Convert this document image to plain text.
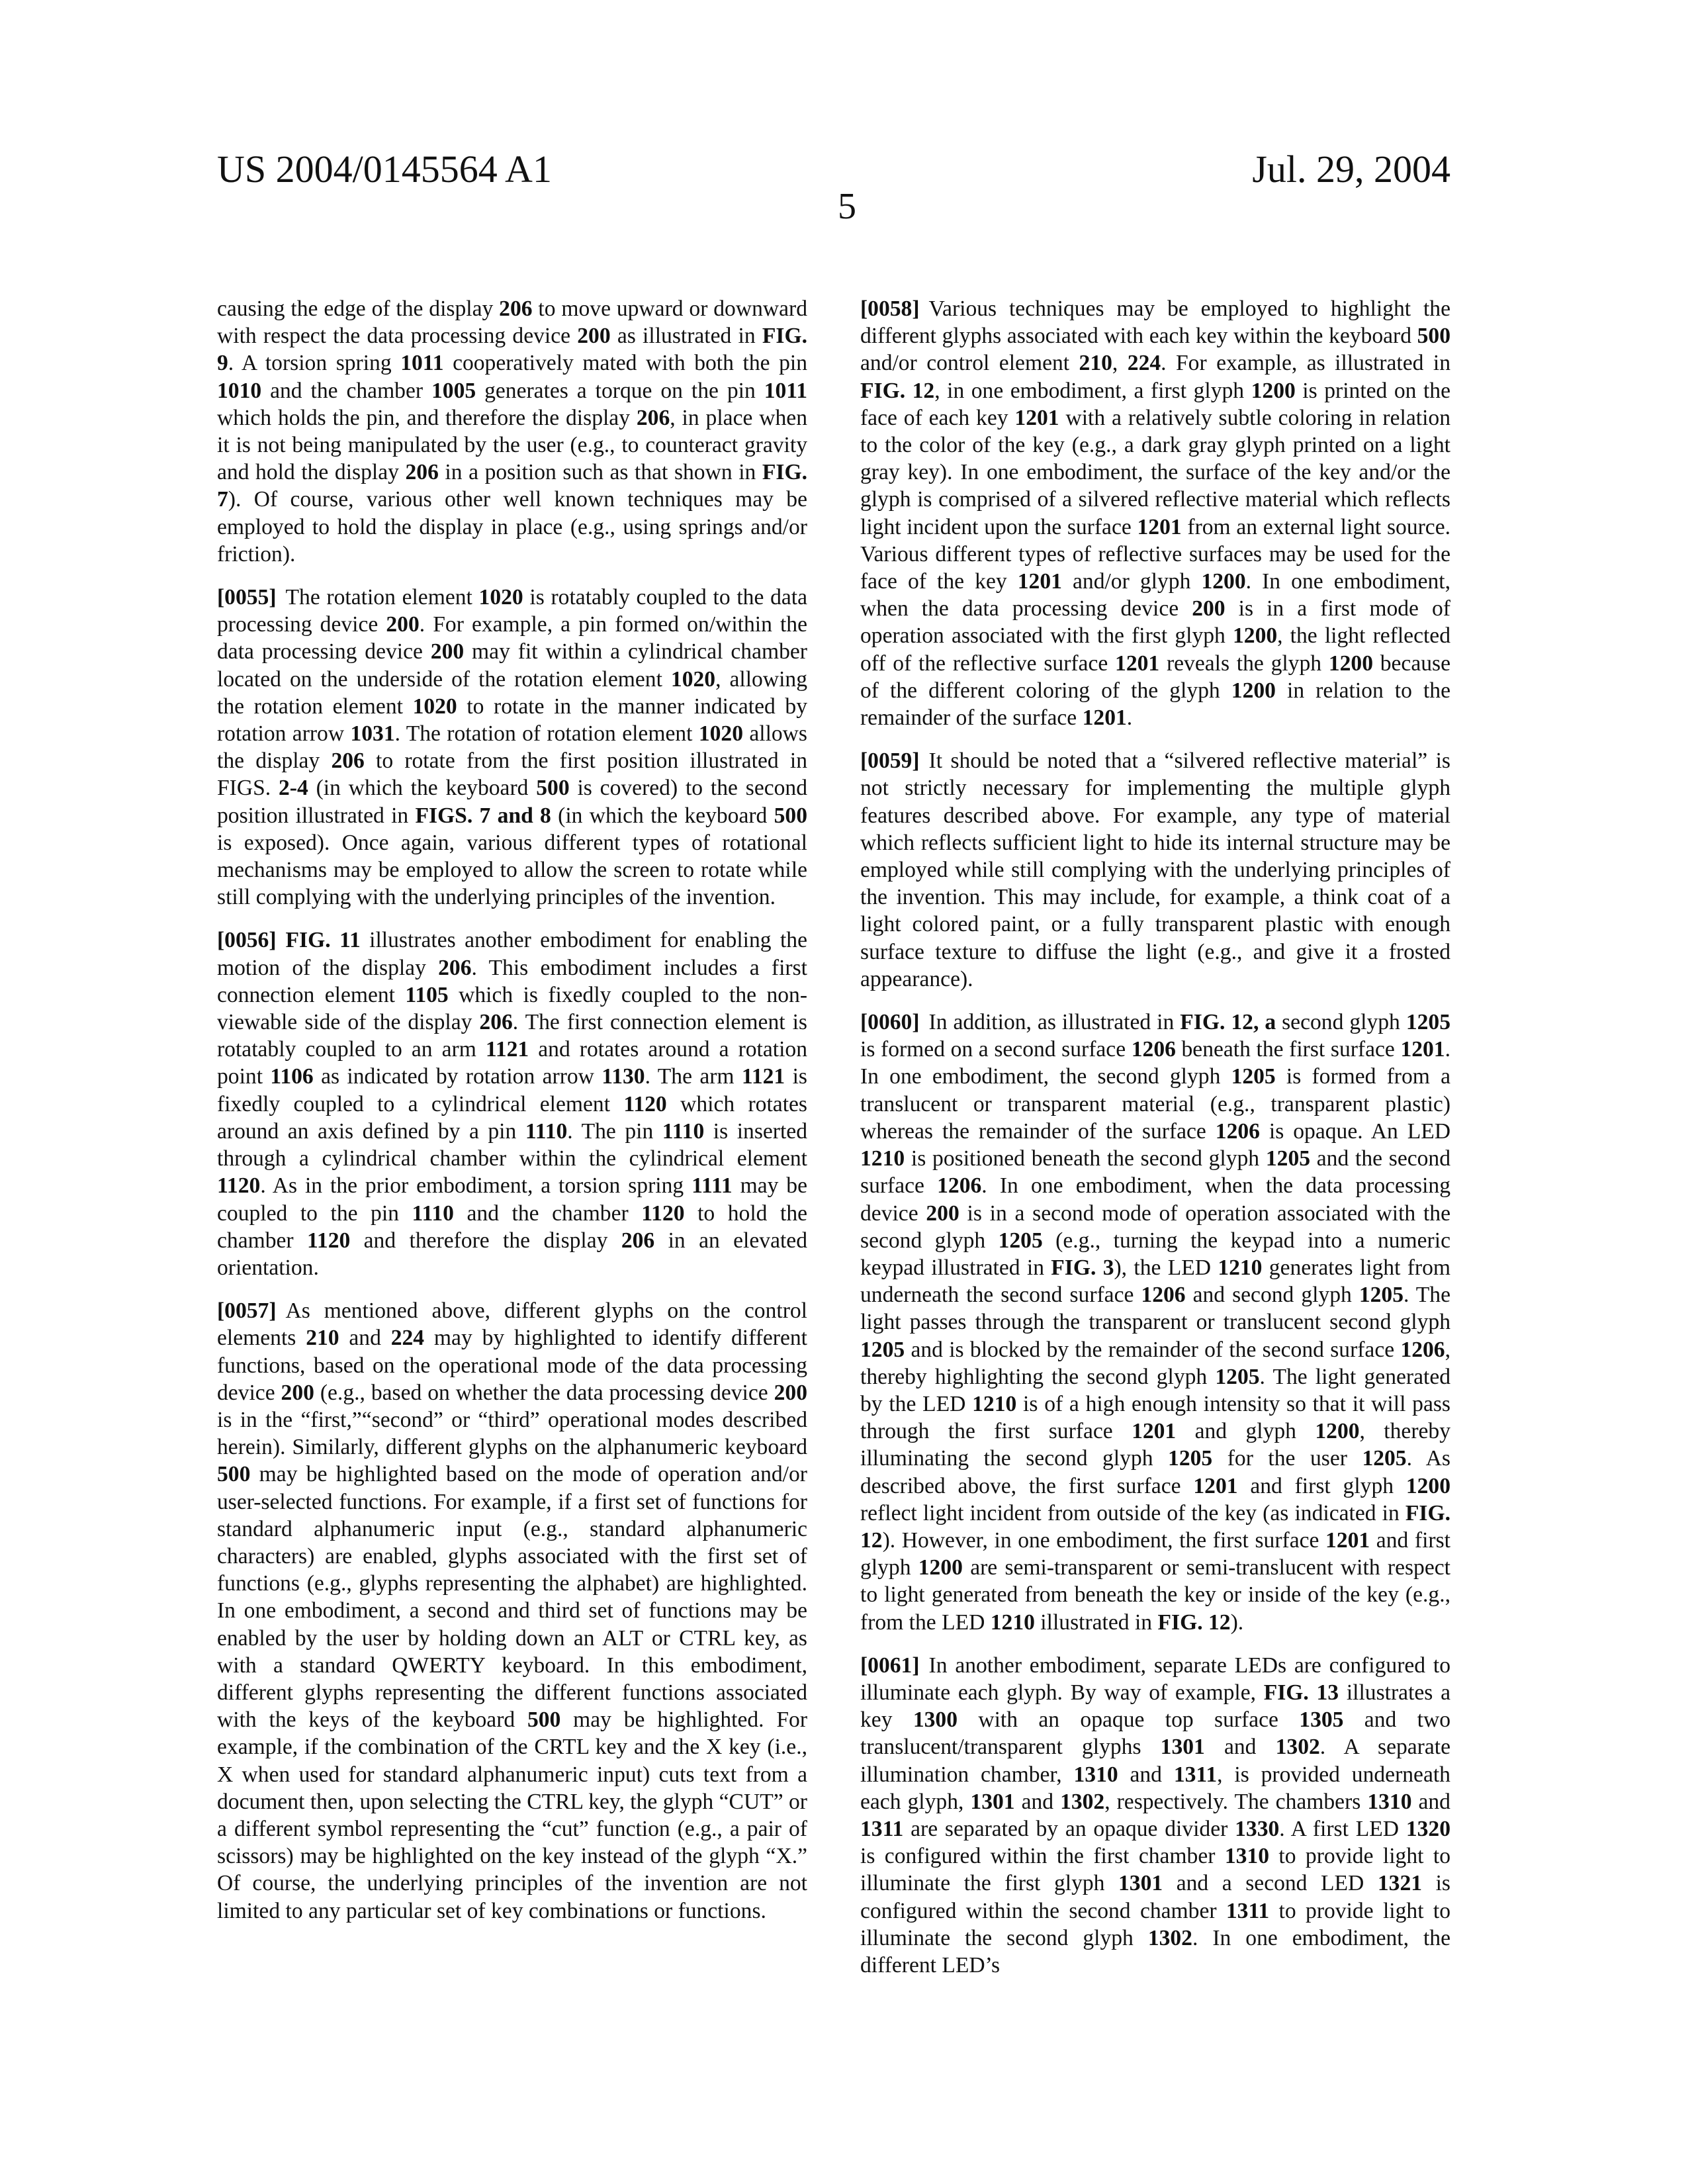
US 2004/0145564 A1	Jul. 29, 2004
5

causing the edge of the display 206 to move upward or downward with respect the data processing device 200 as illustrated in FIG. 9. A torsion spring 1011 cooperatively mated with both the pin 1010 and the chamber 1005 generates a torque on the pin 1011 which holds the pin, and therefore the display 206, in place when it is not being manipulated by the user (e.g., to counteract gravity and hold the display 206 in a position such as that shown in FIG. 7). Of course, various other well known techniques may be employed to hold the display in place (e.g., using springs and/or friction).

[0055] The rotation element 1020 is rotatably coupled to the data processing device 200. For example, a pin formed on/within the data processing device 200 may fit within a cylindrical chamber located on the underside of the rotation element 1020, allowing the rotation element 1020 to rotate in the manner indicated by rotation arrow 1031. The rotation of rotation element 1020 allows the display 206 to rotate from the first position illustrated in FIGS. 2-4 (in which the keyboard 500 is covered) to the second position illustrated in FIGS. 7 and 8 (in which the keyboard 500 is exposed). Once again, various different types of rotational mechanisms may be employed to allow the screen to rotate while still complying with the underlying principles of the invention.

[0056] FIG. 11 illustrates another embodiment for enabling the motion of the display 206. This embodiment includes a first connection element 1105 which is fixedly coupled to the non-viewable side of the display 206. The first connection element is rotatably coupled to an arm 1121 and rotates around a rotation point 1106 as indicated by rotation arrow 1130. The arm 1121 is fixedly coupled to a cylindrical element 1120 which rotates around an axis defined by a pin 1110. The pin 1110 is inserted through a cylindrical chamber within the cylindrical element 1120. As in the prior embodiment, a torsion spring 1111 may be coupled to the pin 1110 and the chamber 1120 to hold the chamber 1120 and therefore the display 206 in an elevated orientation.

[0057] As mentioned above, different glyphs on the control elements 210 and 224 may by highlighted to identify different functions, based on the operational mode of the data processing device 200 (e.g., based on whether the data processing device 200 is in the “first,”“second” or “third” operational modes described herein). Similarly, different glyphs on the alphanumeric keyboard 500 may be highlighted based on the mode of operation and/or user-selected functions. For example, if a first set of functions for standard alphanumeric input (e.g., standard alphanumeric characters) are enabled, glyphs associated with the first set of functions (e.g., glyphs representing the alphabet) are highlighted. In one embodiment, a second and third set of functions may be enabled by the user by holding down an ALT or CTRL key, as with a standard QWERTY keyboard. In this embodiment, different glyphs representing the different functions associated with the keys of the keyboard 500 may be highlighted. For example, if the combination of the CRTL key and the X key (i.e., X when used for standard alphanumeric input) cuts text from a document then, upon selecting the CTRL key, the glyph “CUT” or a different symbol representing the “cut” function (e.g., a pair of scissors) may be highlighted on the key instead of the glyph “X.” Of course, the underlying principles of the invention are not limited to any particular set of key combinations or functions.

[0058] Various techniques may be employed to highlight the different glyphs associated with each key within the keyboard 500 and/or control element 210, 224. For example, as illustrated in FIG. 12, in one embodiment, a first glyph 1200 is printed on the face of each key 1201 with a relatively subtle coloring in relation to the color of the key (e.g., a dark gray glyph printed on a light gray key). In one embodiment, the surface of the key and/or the glyph is comprised of a silvered reflective material which reflects light incident upon the surface 1201 from an external light source. Various different types of reflective surfaces may be used for the face of the key 1201 and/or glyph 1200. In one embodiment, when the data processing device 200 is in a first mode of operation associated with the first glyph 1200, the light reflected off of the reflective surface 1201 reveals the glyph 1200 because of the different coloring of the glyph 1200 in relation to the remainder of the surface 1201.

[0059] It should be noted that a “silvered reflective material” is not strictly necessary for implementing the multiple glyph features described above. For example, any type of material which reflects sufficient light to hide its internal structure may be employed while still complying with the underlying principles of the invention. This may include, for example, a think coat of a light colored paint, or a fully transparent plastic with enough surface texture to diffuse the light (e.g., and give it a frosted appearance).

[0060] In addition, as illustrated in FIG. 12, a second glyph 1205 is formed on a second surface 1206 beneath the first surface 1201. In one embodiment, the second glyph 1205 is formed from a translucent or transparent material (e.g., transparent plastic) whereas the remainder of the surface 1206 is opaque. An LED 1210 is positioned beneath the second glyph 1205 and the second surface 1206. In one embodiment, when the data processing device 200 is in a second mode of operation associated with the second glyph 1205 (e.g., turning the keypad into a numeric keypad illustrated in FIG. 3), the LED 1210 generates light from underneath the second surface 1206 and second glyph 1205. The light passes through the transparent or translucent second glyph 1205 and is blocked by the remainder of the second surface 1206, thereby highlighting the second glyph 1205. The light generated by the LED 1210 is of a high enough intensity so that it will pass through the first surface 1201 and glyph 1200, thereby illuminating the second glyph 1205 for the user 1205. As described above, the first surface 1201 and first glyph 1200 reflect light incident from outside of the key (as indicated in FIG. 12). However, in one embodiment, the first surface 1201 and first glyph 1200 are semi-transparent or semi-translucent with respect to light generated from beneath the key or inside of the key (e.g., from the LED 1210 illustrated in FIG. 12).

[0061] In another embodiment, separate LEDs are configured to illuminate each glyph. By way of example, FIG. 13 illustrates a key 1300 with an opaque top surface 1305 and two translucent/transparent glyphs 1301 and 1302. A separate illumination chamber, 1310 and 1311, is provided underneath each glyph, 1301 and 1302, respectively. The chambers 1310 and 1311 are separated by an opaque divider 1330. A first LED 1320 is configured within the first chamber 1310 to provide light to illuminate the first glyph 1301 and a second LED 1321 is configured within the second chamber 1311 to provide light to illuminate the second glyph 1302. In one embodiment, the different LED’s
